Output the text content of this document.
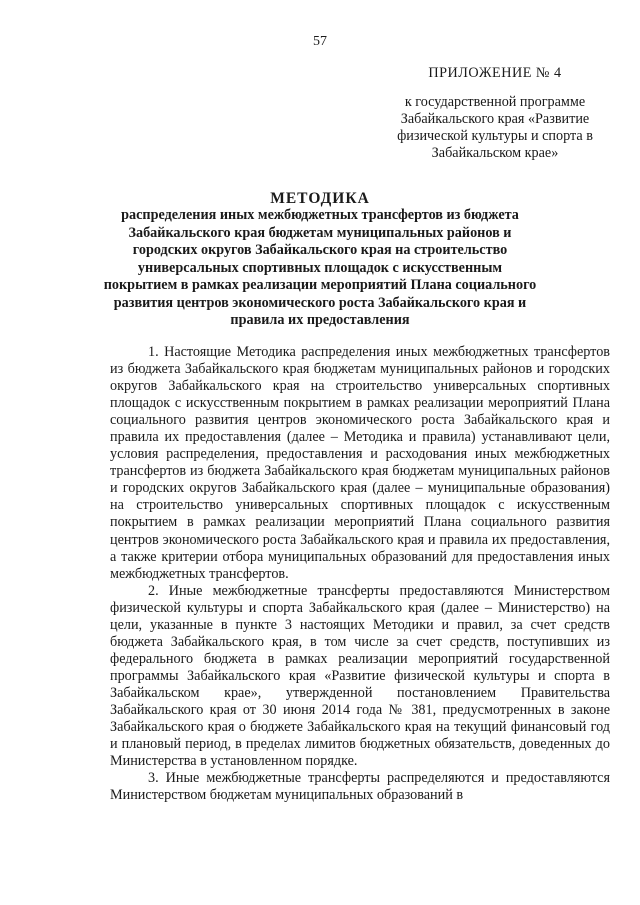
57
ПРИЛОЖЕНИЕ № 4
к государственной программе Забайкальского края «Развитие физической культуры и спорта в Забайкальском крае»
МЕТОДИКА
распределения иных межбюджетных трансфертов из бюджета Забайкальского края бюджетам муниципальных районов и городских округов Забайкальского края на строительство универсальных спортивных площадок с искусственным покрытием в рамках реализации мероприятий Плана социального развития центров экономического роста Забайкальского края и правила их предоставления

1. Настоящие Методика распределения иных межбюджетных трансфертов из бюджета Забайкальского края бюджетам муниципальных районов и городских округов Забайкальского края на строительство универсальных спортивных площадок с искусственным покрытием в рамках реализации мероприятий Плана социального развития центров экономического роста Забайкальского края и правила их предоставления (далее – Методика и правила) устанавливают цели, условия распределения, предоставления и расходования иных межбюджетных трансфертов из бюджета Забайкальского края бюджетам муниципальных районов и городских округов Забайкальского края (далее – муниципальные образования) на строительство универсальных спортивных площадок с искусственным покрытием в рамках реализации мероприятий Плана социального развития центров экономического роста Забайкальского края и правила их предоставления, а также критерии отбора муниципальных образований для предоставления иных межбюджетных трансфертов.

2. Иные межбюджетные трансферты предоставляются Министерством физической культуры и спорта Забайкальского края (далее – Министерство) на цели, указанные в пункте 3 настоящих Методики и правил, за счет средств бюджета Забайкальского края, в том числе за счет средств, поступивших из федерального бюджета в рамках реализации мероприятий государственной программы Забайкальского края «Развитие физической культуры и спорта в Забайкальском крае», утвержденной постановлением Правительства Забайкальского края от 30 июня 2014 года № 381, предусмотренных в законе Забайкальского края о бюджете Забайкальского края на текущий финансовый год и плановый период, в пределах лимитов бюджетных обязательств, доведенных до Министерства в установленном порядке.

3. Иные межбюджетные трансферты распределяются и предоставляются Министерством бюджетам муниципальных образований в
